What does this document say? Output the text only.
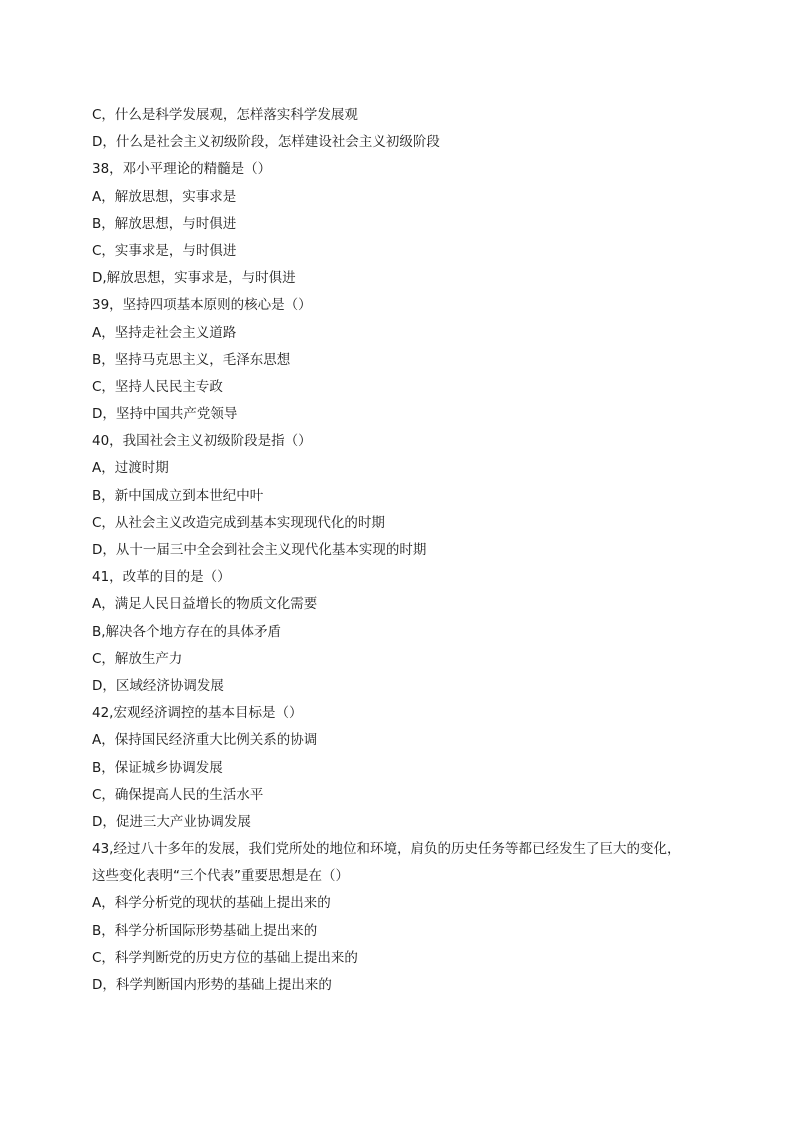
C，什么是科学发展观，怎样落实科学发展观
D，什么是社会主义初级阶段，怎样建设社会主义初级阶段
38，邓小平理论的精髓是（）
A，解放思想，实事求是
B，解放思想，与时俱进
C，实事求是，与时俱进
D,解放思想，实事求是，与时俱进
39，坚持四项基本原则的核心是（）
A，坚持走社会主义道路
B，坚持马克思主义，毛泽东思想
C，坚持人民民主专政
D，坚持中国共产党领导
40，我国社会主义初级阶段是指（）
A，过渡时期
B，新中国成立到本世纪中叶
C，从社会主义改造完成到基本实现现代化的时期
D，从十一届三中全会到社会主义现代化基本实现的时期
41，改革的目的是（）
A，满足人民日益增长的物质文化需要
B,解决各个地方存在的具体矛盾
C，解放生产力
D，区域经济协调发展
42,宏观经济调控的基本目标是（）
A，保持国民经济重大比例关系的协调
B，保证城乡协调发展
C，确保提高人民的生活水平
D，促进三大产业协调发展
43,经过八十多年的发展，我们党所处的地位和环境，肩负的历史任务等都已经发生了巨大的变化，
这些变化表明“三个代表”重要思想是在（）
A，科学分析党的现状的基础上提出来的
B，科学分析国际形势基础上提出来的
C，科学判断党的历史方位的基础上提出来的
D，科学判断国内形势的基础上提出来的
